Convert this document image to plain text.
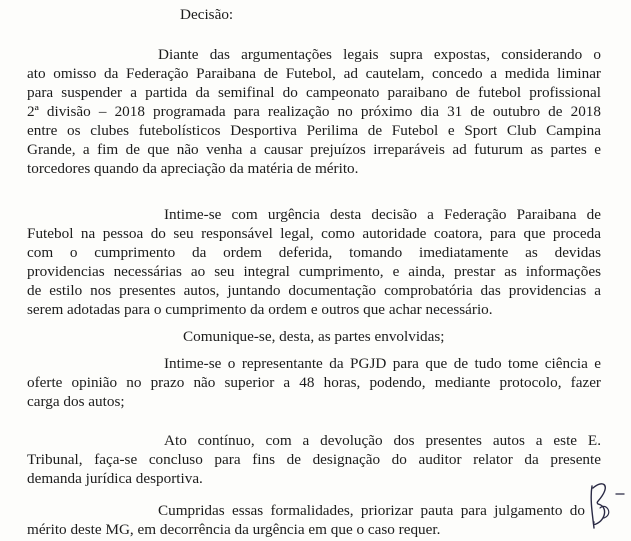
Decisão:
Diante das argumentações legais supra expostas, considerando o
ato omisso da Federação Paraibana de Futebol, ad cautelam, concedo a medida liminar
para suspender a partida da semifinal do campeonato paraibano de futebol profissional
2ª divisão – 2018 programada para realização no próximo dia 31 de outubro de 2018
entre os clubes futebolísticos Desportiva Perilima de Futebol e Sport Club Campina
Grande, a fim de que não venha a causar prejuízos irreparáveis ad futurum as partes e
torcedores quando da apreciação da matéria de mérito.
Intime-se com urgência desta decisão a Federação Paraibana de
Futebol na pessoa do seu responsável legal, como autoridade coatora, para que proceda
com o cumprimento da ordem deferida, tomando imediatamente as devidas
providencias necessárias ao seu integral cumprimento, e ainda, prestar as informações
de estilo nos presentes autos, juntando documentação comprobatória das providencias a
serem adotadas para o cumprimento da ordem e outros que achar necessário.
Comunique-se, desta, as partes envolvidas;
Intime-se o representante da PGJD para que de tudo tome ciência e
oferte opinião no prazo não superior a 48 horas, podendo, mediante protocolo, fazer
carga dos autos;
Ato contínuo, com a devolução dos presentes autos a este E.
Tribunal, faça-se concluso para fins de designação do auditor relator da presente
demanda jurídica desportiva.
Cumpridas essas formalidades, priorizar pauta para julgamento do
mérito deste MG, em decorrência da urgência em que o caso requer.
